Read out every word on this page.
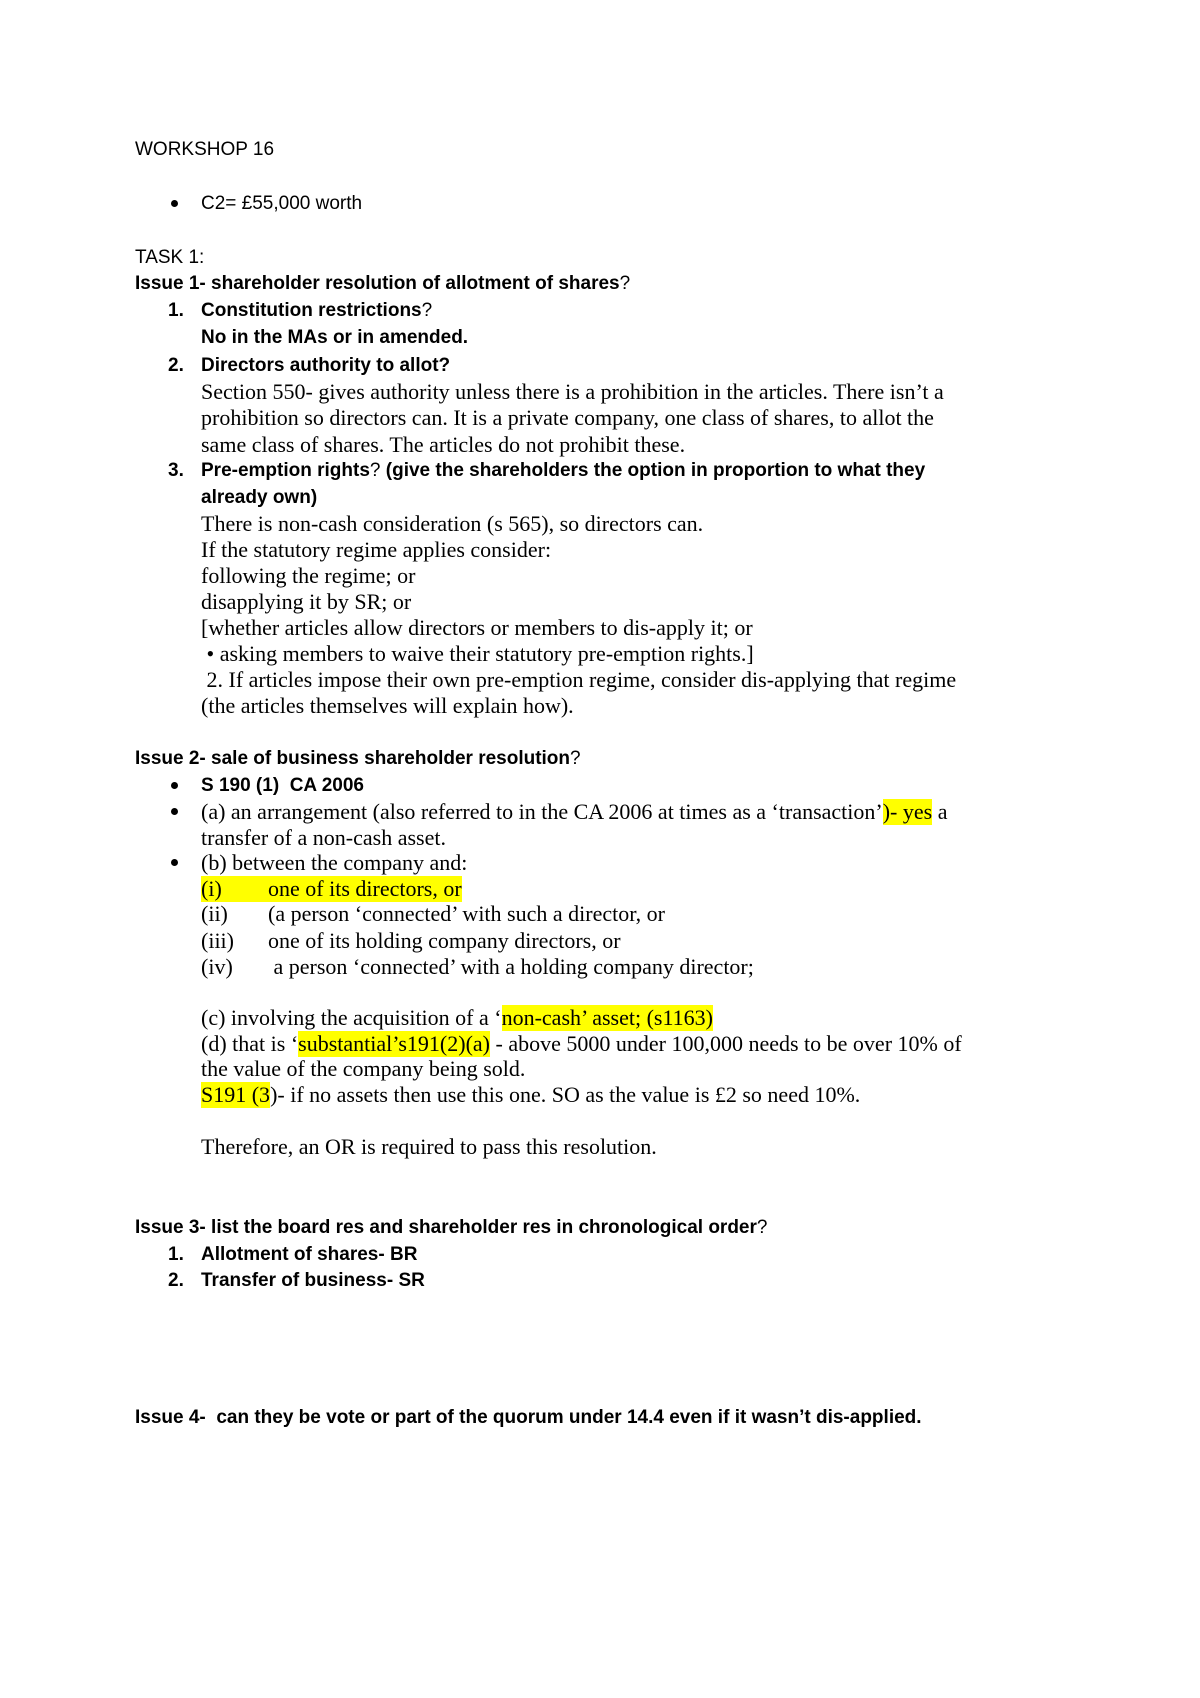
WORKSHOP 16
C2= £55,000 worth
TASK 1:
Issue 1- shareholder resolution of allotment of shares ?
1. Constitution restrictions ?
No in the MAs or in amended.
2. Directors authority to allot?
Section 550- gives authority unless there is a prohibition in the articles. There isn’t a
prohibition so directors can. It is a private company, one class of shares, to allot the
same class of shares. The articles do not prohibit these.
3. Pre-emption rights ? (give the shareholders the option in proportion to what they
already own)
There is non-cash consideration (s 565), so directors can.
If the statutory regime applies consider:
following the regime; or
disapplying it by SR; or
[whether articles allow directors or members to dis-apply it; or
• asking members to waive their statutory pre-emption rights.]
2. If articles impose their own pre-emption regime, consider dis-applying that regime
(the articles themselves will explain how).
Issue 2- sale of business shareholder resolution ?
S 190 (1)  CA 2006
(a) an arrangement (also referred to in the CA 2006 at times as a ‘transaction’ )- yes a
transfer of a non-cash asset.
(b) between the company and:
(i)	one of its directors, or
(ii)	(a person ‘connected’ with such a director, or
(iii)	one of its holding company directors, or
(iv)	a person ‘connected’ with a holding company director;
(c) involving the acquisition of a ‘ non-cash’ asset; (s1163)
(d) that is ‘ substantial’s191(2)(a) - above 5000 under 100,000 needs to be over 10% of
the value of the company being sold.
S191 (3 )- if no assets then use this one. SO as the value is £2 so need 10%.
Therefore, an OR is required to pass this resolution.
Issue 3- list the board res and shareholder res in chronological order ?
1. Allotment of shares- BR
2. Transfer of business- SR
Issue 4-  can they be vote or part of the quorum under 14.4 even if it wasn’t dis-applied.
